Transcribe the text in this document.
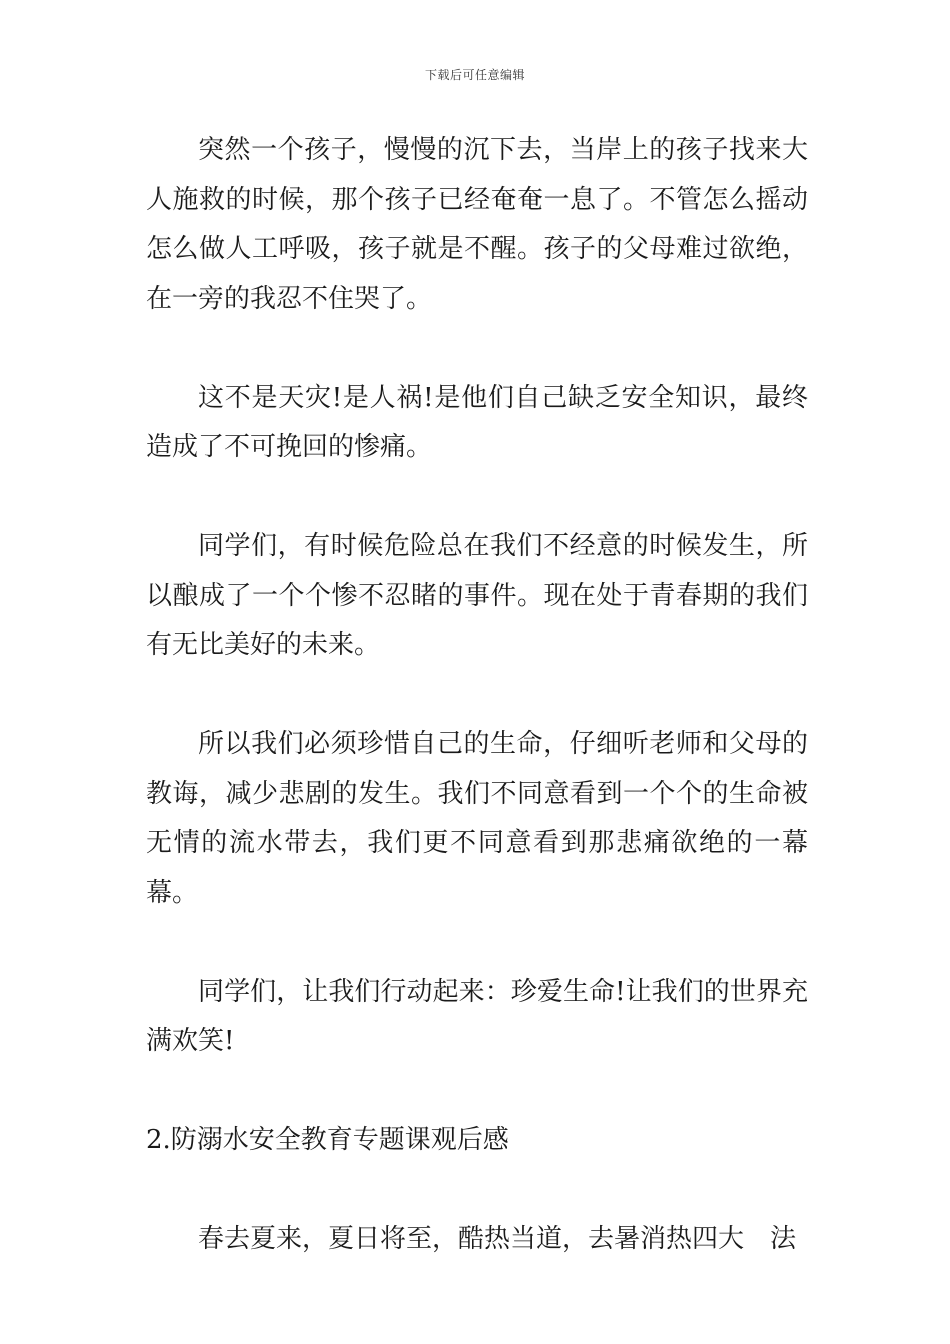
下载后可任意编辑

突然一个孩子，慢慢的沉下去，当岸上的孩子找来大人施救的时候，那个孩子已经奄奄一息了。不管怎么摇动怎么做人工呼吸，孩子就是不醒。孩子的父母难过欲绝，在一旁的我忍不住哭了。

这不是天灾!是人祸!是他们自己缺乏安全知识，最终造成了不可挽回的惨痛。

同学们，有时候危险总在我们不经意的时候发生，所以酿成了一个个惨不忍睹的事件。现在处于青春期的我们有无比美好的未来。

所以我们必须珍惜自己的生命，仔细听老师和父母的教诲，减少悲剧的发生。我们不同意看到一个个的生命被无情的流水带去，我们更不同意看到那悲痛欲绝的一幕幕。

同学们，让我们行动起来：珍爱生命!让我们的世界充满欢笑!

2.防溺水安全教育专题课观后感

春去夏来，夏日将至，酷热当道，去暑消热四大　法
